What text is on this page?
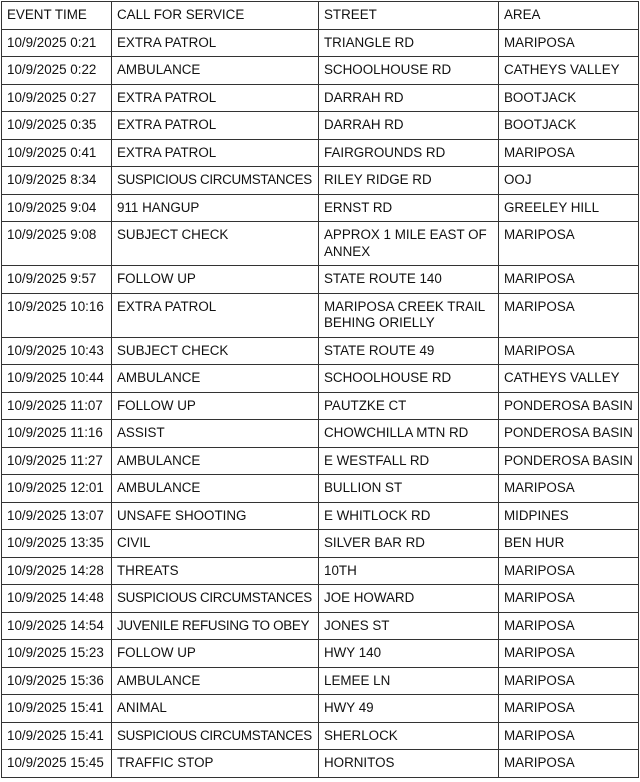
EVENT TIME	CALL FOR SERVICE	STREET	AREA
10/9/2025 0:21	EXTRA PATROL	TRIANGLE RD	MARIPOSA
10/9/2025 0:22	AMBULANCE	SCHOOLHOUSE RD	CATHEYS VALLEY
10/9/2025 0:27	EXTRA PATROL	DARRAH RD	BOOTJACK
10/9/2025 0:35	EXTRA PATROL	DARRAH RD	BOOTJACK
10/9/2025 0:41	EXTRA PATROL	FAIRGROUNDS RD	MARIPOSA
10/9/2025 8:34	SUSPICIOUS CIRCUMSTANCES	RILEY RIDGE RD	OOJ
10/9/2025 9:04	911 HANGUP	ERNST RD	GREELEY HILL
10/9/2025 9:08	SUBJECT CHECK	APPROX 1 MILE EAST OF ANNEX	MARIPOSA
10/9/2025 9:57	FOLLOW UP	STATE ROUTE 140	MARIPOSA
10/9/2025 10:16	EXTRA PATROL	MARIPOSA CREEK TRAIL BEHING ORIELLY	MARIPOSA
10/9/2025 10:43	SUBJECT CHECK	STATE ROUTE 49	MARIPOSA
10/9/2025 10:44	AMBULANCE	SCHOOLHOUSE RD	CATHEYS VALLEY
10/9/2025 11:07	FOLLOW UP	PAUTZKE CT	PONDEROSA BASIN
10/9/2025 11:16	ASSIST	CHOWCHILLA MTN RD	PONDEROSA BASIN
10/9/2025 11:27	AMBULANCE	E WESTFALL RD	PONDEROSA BASIN
10/9/2025 12:01	AMBULANCE	BULLION ST	MARIPOSA
10/9/2025 13:07	UNSAFE SHOOTING	E WHITLOCK RD	MIDPINES
10/9/2025 13:35	CIVIL	SILVER BAR RD	BEN HUR
10/9/2025 14:28	THREATS	10TH	MARIPOSA
10/9/2025 14:48	SUSPICIOUS CIRCUMSTANCES	JOE HOWARD	MARIPOSA
10/9/2025 14:54	JUVENILE REFUSING TO OBEY	JONES ST	MARIPOSA
10/9/2025 15:23	FOLLOW UP	HWY 140	MARIPOSA
10/9/2025 15:36	AMBULANCE	LEMEE LN	MARIPOSA
10/9/2025 15:41	ANIMAL	HWY 49	MARIPOSA
10/9/2025 15:41	SUSPICIOUS CIRCUMSTANCES	SHERLOCK	MARIPOSA
10/9/2025 15:45	TRAFFIC STOP	HORNITOS	MARIPOSA
